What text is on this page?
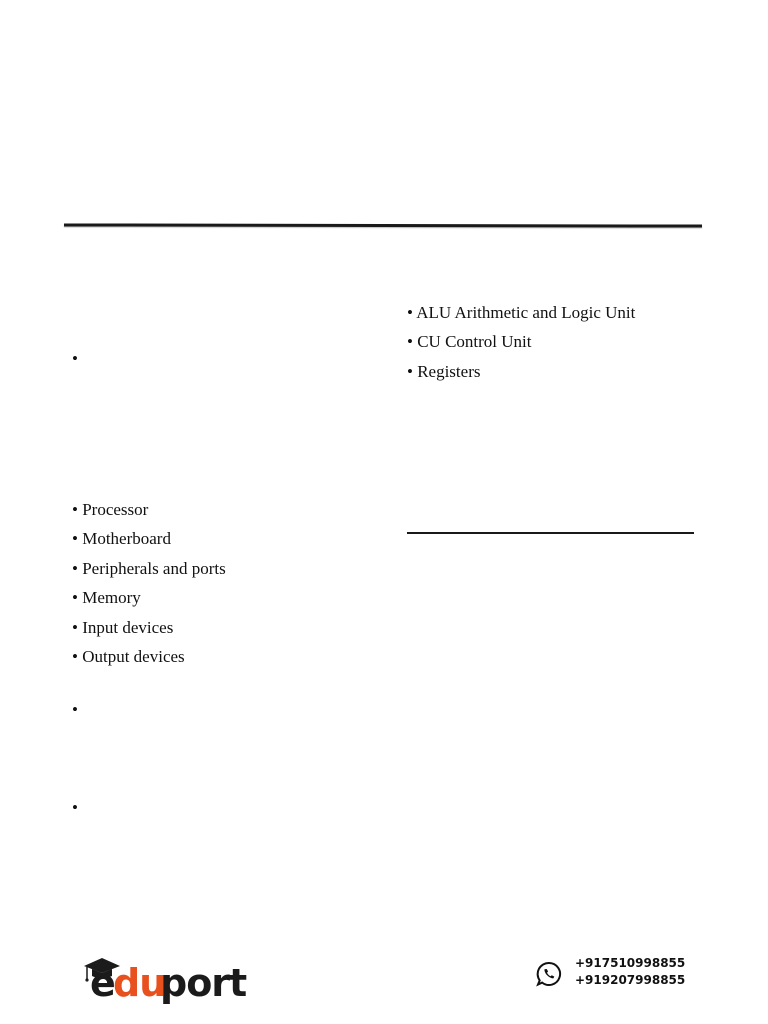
•
•
•
• ALU Arithmetic and Logic Unit
• CU Control Unit
• Registers
• Processor
• Motherboard
• Peripherals and ports
• Memory
• Input devices
• Output devices
e
du
port	+917510998855
+919207998855
